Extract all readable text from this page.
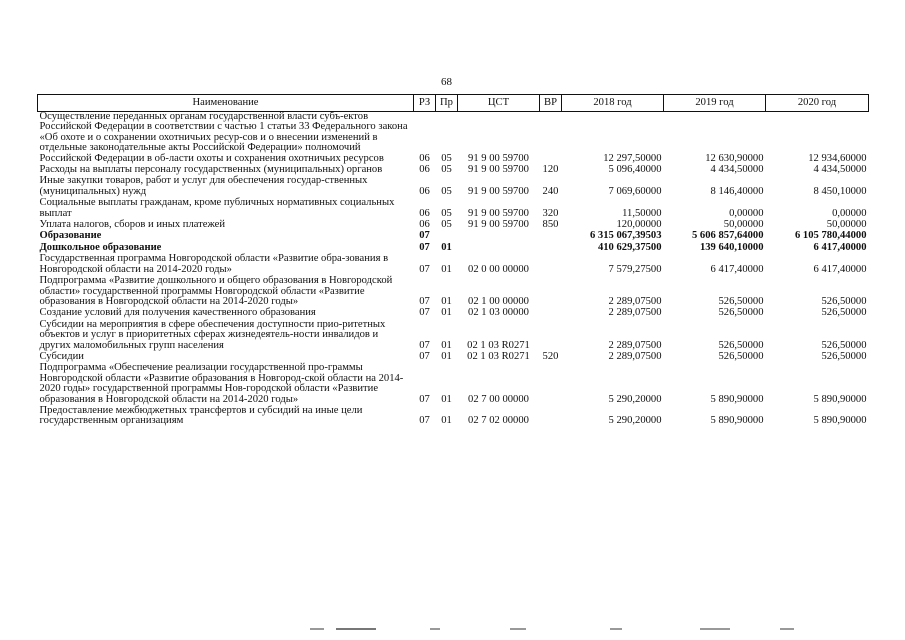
68
Наименование	РЗ	Пр	ЦСТ	ВР	2018 год	2019 год	2020 год
Осуществление переданных органам государственной власти субъ-ектов Российской Федерации в соответствии с частью 1 статьи 33 Федерального закона «Об охоте и о сохранении охотничьих ресур-сов и о внесении изменений в отдельные законодательные акты Российской Федерации» полномочий Российской Федерации в об-ласти охоты и сохранения охотничьих ресурсов	06	05	91 9 00 59700		12 297,50000	12 630,90000	12 934,60000
Расходы на выплаты персоналу государственных (муниципальных) органов	06	05	91 9 00 59700	120	5 096,40000	4 434,50000	4 434,50000
Иные закупки товаров, работ и услуг для обеспечения государ-ственных (муниципальных) нужд	06	05	91 9 00 59700	240	7 069,60000	8 146,40000	8 450,10000
Социальные выплаты гражданам, кроме публичных нормативных социальных выплат	06	05	91 9 00 59700	320	11,50000	0,00000	0,00000
Уплата налогов, сборов и иных платежей	06	05	91 9 00 59700	850	120,00000	50,00000	50,00000
Образование	07				6 315 067,39503	5 606 857,64000	6 105 780,44000
Дошкольное образование	07	01			410 629,37500	139 640,10000	6 417,40000
Государственная программа Новгородской области «Развитие обра-зования в Новгородской области на 2014-2020 годы»	07	01	02 0 00 00000		7 579,27500	6 417,40000	6 417,40000
Подпрограмма «Развитие дошкольного и общего образования в Новгородской области» государственной программы Новгородской области «Развитие образования в Новгородской области на 2014-2020 годы»	07	01	02 1 00 00000		2 289,07500	526,50000	526,50000
Создание условий для получения качественного образования	07	01	02 1 03 00000		2 289,07500	526,50000	526,50000
Субсидии на мероприятия в сфере обеспечения доступности прио-ритетных объектов и услуг в приоритетных сферах жизнедеятель-ности инвалидов и других маломобильных групп населения	07	01	02 1 03 R0271		2 289,07500	526,50000	526,50000
Субсидии	07	01	02 1 03 R0271	520	2 289,07500	526,50000	526,50000
Подпрограмма «Обеспечение реализации государственной про-граммы Новгородской области «Развитие образования в Новгород-ской области на 2014-2020 годы» государственной программы Нов-городской области «Развитие образования в Новгородской области на 2014-2020 годы»	07	01	02 7 00 00000		5 290,20000	5 890,90000	5 890,90000
Предоставление межбюджетных трансфертов и субсидий на иные цели государственным организациям	07	01	02 7 02 00000		5 290,20000	5 890,90000	5 890,90000
